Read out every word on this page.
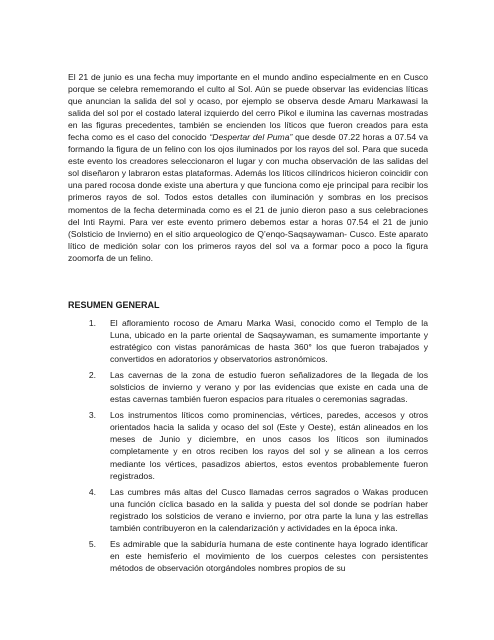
El 21 de junio es una fecha muy importante en el mundo andino especialmente en en Cusco porque se celebra rememorando el culto al Sol. Aún se puede observar las evidencias líticas que anuncian la salida del sol y ocaso, por ejemplo se observa desde Amaru Markawasi la salida del sol por el costado lateral izquierdo del cerro Pikol e ilumina las cavernas mostradas en las figuras precedentes, también se encienden los líticos que fueron creados para esta fecha como es el caso del conocido “Despertar del Puma” que desde 07.22 horas a 07.54 va formando la figura de un felino con los ojos iluminados por los rayos del sol. Para que suceda este evento los creadores seleccionaron el lugar y con mucha observación de las salidas del sol diseñaron y labraron estas plataformas. Además los líticos cilíndricos hicieron coincidir con una pared rocosa donde existe una abertura y que funciona como eje principal para recibir los primeros rayos de sol. Todos estos detalles con iluminación y sombras en los precisos momentos de la fecha determinada como es el 21 de junio dieron paso a sus celebraciones del Inti Raymi. Para ver este evento primero debemos estar a horas 07.54 el 21 de junio (Solsticio de Invierno) en el sitio arqueologico de Q’enqo-Saqsaywaman- Cusco. Este aparato lítico de medición solar con los primeros rayos del sol va a formar poco a poco la figura zoomorfa de un felino.

RESUMEN GENERAL
1. El afloramiento rocoso de Amaru Marka Wasi, conocido como el Templo de la Luna, ubicado en la parte oriental de Saqsaywaman, es sumamente importante y estratégico con vistas panorámicas de hasta 360° los que fueron trabajados y convertidos en adoratorios y observatorios astronómicos.
2. Las cavernas de la zona de estudio fueron señalizadores de la llegada de los solsticios de invierno y verano y por las evidencias que existe en cada una de estas cavernas también fueron espacios para rituales o ceremonias sagradas.
3. Los instrumentos líticos como prominencias, vértices, paredes, accesos y otros orientados hacia la salida y ocaso del sol (Este y Oeste), están alineados en los meses de Junio y diciembre, en unos casos los líticos son iluminados completamente y en otros reciben los rayos del sol y se alinean a los cerros mediante los vértices, pasadizos abiertos, estos eventos probablemente fueron registrados.
4. Las cumbres más altas del Cusco llamadas cerros sagrados o Wakas producen una función cíclica basado en la salida y puesta del sol donde se podrían haber registrado los solsticios de verano e invierno, por otra parte la luna y las estrellas también contribuyeron en la calendarización y actividades en la época inka.
5. Es admirable que la sabiduría humana de este continente haya logrado identificar en este hemisferio el movimiento de los cuerpos celestes con persistentes métodos de observación otorgándoles nombres propios de su
